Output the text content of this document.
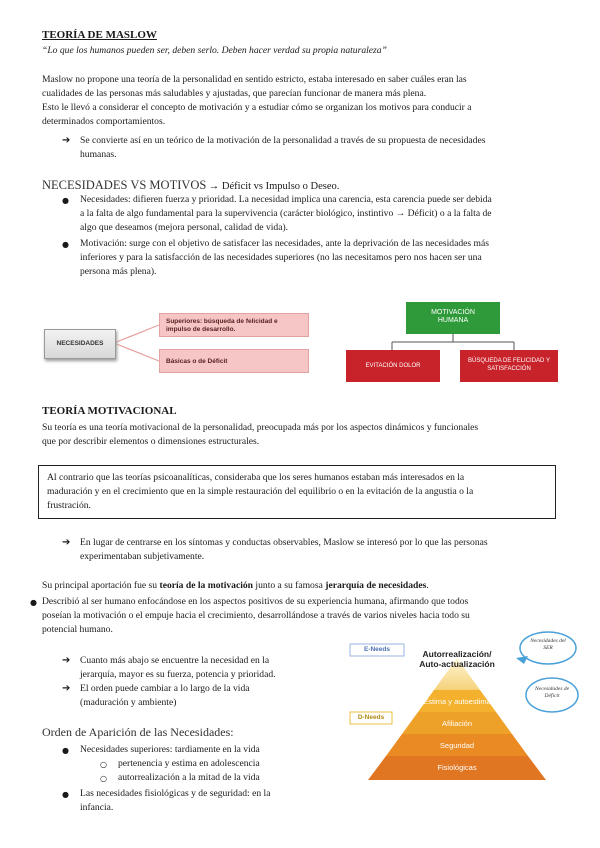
TEORÍA DE MASLOW
“Lo que los humanos pueden ser, deben serlo. Deben hacer verdad su propia naturaleza”
Maslow no propone una teoría de la personalidad en sentido estricto, estaba interesado en saber cuáles eran las
cualidades de las personas más saludables y ajustadas, que parecían funcionar de manera más plena.
Esto le llevó a considerar el concepto de motivación y a estudiar cómo se organizan los motivos para conducir a
determinados comportamientos.
➔ Se convierte así en un teórico de la motivación de la personalidad a través de su propuesta de necesidades
humanas.
NECESIDADES VS MOTIVOS → Déficit vs Impulso o Deseo.
● Necesidades: difieren fuerza y prioridad. La necesidad implica una carencia, esta carencia puede ser debida
a la falta de algo fundamental para la supervivencia (carácter biológico, instintivo → Déficit) o a la falta de
algo que deseamos (mejora personal, calidad de vida).
● Motivación: surge con el objetivo de satisfacer las necesidades, ante la deprivación de las necesidades más
inferiores y para la satisfacción de las necesidades superiores (no las necesitamos pero nos hacen ser una
persona más plena).
NECESIDADES
Superiores: búsqueda de felicidad e
impulso de desarrollo.
Básicas o de Déficit
MOTIVACIÓN
HUMANA
EVITACIÓN DOLOR
BÚSQUEDA DE FELICIDAD Y
SATISFACCIÓN
TEORÍA MOTIVACIONAL
Su teoría es una teoría motivacional de la personalidad, preocupada más por los aspectos dinámicos y funcionales
que por describir elementos o dimensiones estructurales.
Al contrario que las teorías psicoanalíticas, consideraba que los seres humanos estaban más interesados en la
maduración y en el crecimiento que en la simple restauración del equilibrio o en la evitación de la angustia o la
frustración.
➔ En lugar de centrarse en los síntomas y conductas observables, Maslow se interesó por lo que las personas
experimentaban subjetivamente.
Su principal aportación fue su teoría de la motivación junto a su famosa jerarquía de necesidades.
● Describió al ser humano enfocándose en los aspectos positivos de su experiencia humana, afirmando que todos
poseían la motivación o el empuje hacia el crecimiento, desarrollándose a través de varios niveles hacia todo su
potencial humano.
➔ Cuanto más abajo se encuentre la necesidad en la
jerarquía, mayor es su fuerza, potencia y prioridad.
➔ El orden puede cambiar a lo largo de la vida
(maduración y ambiente)
Orden de Aparición de las Necesidades:
● Necesidades superiores: tardiamente en la vida
○ pertenencia y estima en adolescencia
○ autorrealización a la mitad de la vida
● Las necesidades fisiológicas y de seguridad: en la
infancia.
Autorrealización/
Auto-actualización
Estima y autoestima
Afiliación
Seguridad
Fisiológicas
E-Needs
D-Needs
Necesidades del
SER
Necesidades de
Déficit
